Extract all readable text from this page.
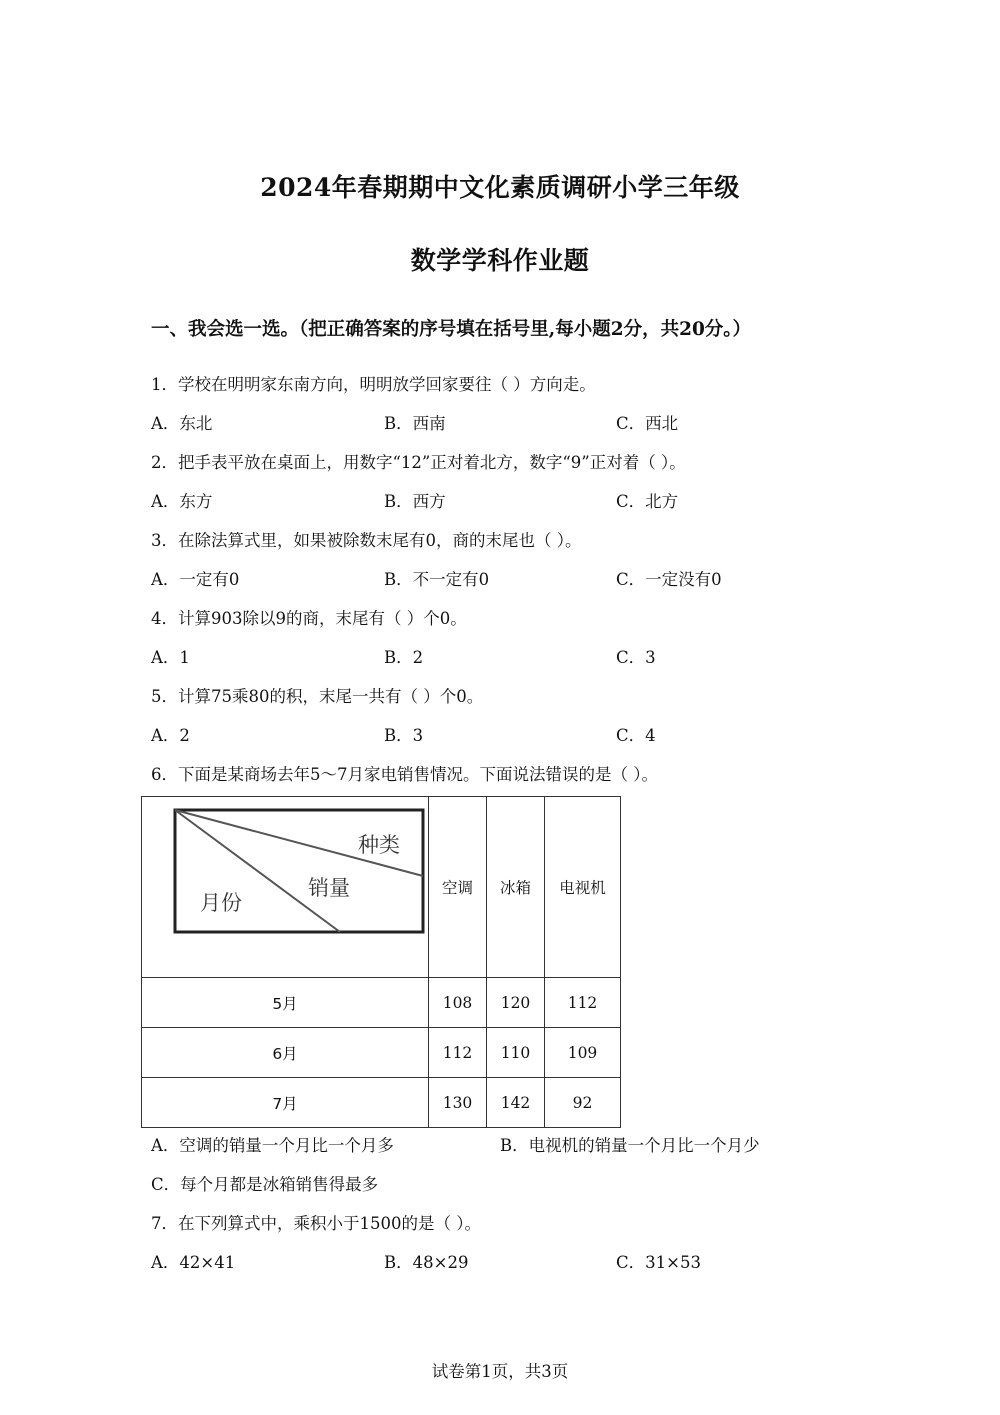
2024年春期期中文化素质调研小学三年级
数学学科作业题
一、我会选一选。（把正确答案的序号填在括号里,每小题2分，共20分。）
1．学校在明明家东南方向，明明放学回家要往（ ）方向走。
A．东北	B．西南	C．西北
2．把手表平放在桌面上，用数字“12”正对着北方，数字“9”正对着（ ）。
A．东方	B．西方	C．北方
3．在除法算式里，如果被除数末尾有0，商的末尾也（ ）。
A．一定有0	B．不一定有0	C．一定没有0
4．计算903除以9的商，末尾有（ ）个0。
A．1	B．2	C．3
5．计算75乘80的积，末尾一共有（ ）个0。
A．2	B．3	C．4
6．下面是某商场去年5～7月家电销售情况。下面说法错误的是（ ）。
种类
销量
月份	空调	冰箱	电视机
5月	108	120	112
6月	112	110	109
7月	130	142	92
A．空调的销量一个月比一个月多	B．电视机的销量一个月比一个月少
C．每个月都是冰箱销售得最多
7．在下列算式中，乘积小于1500的是（ ）。
A．42×41	B．48×29	C．31×53
试卷第1页，共3页
